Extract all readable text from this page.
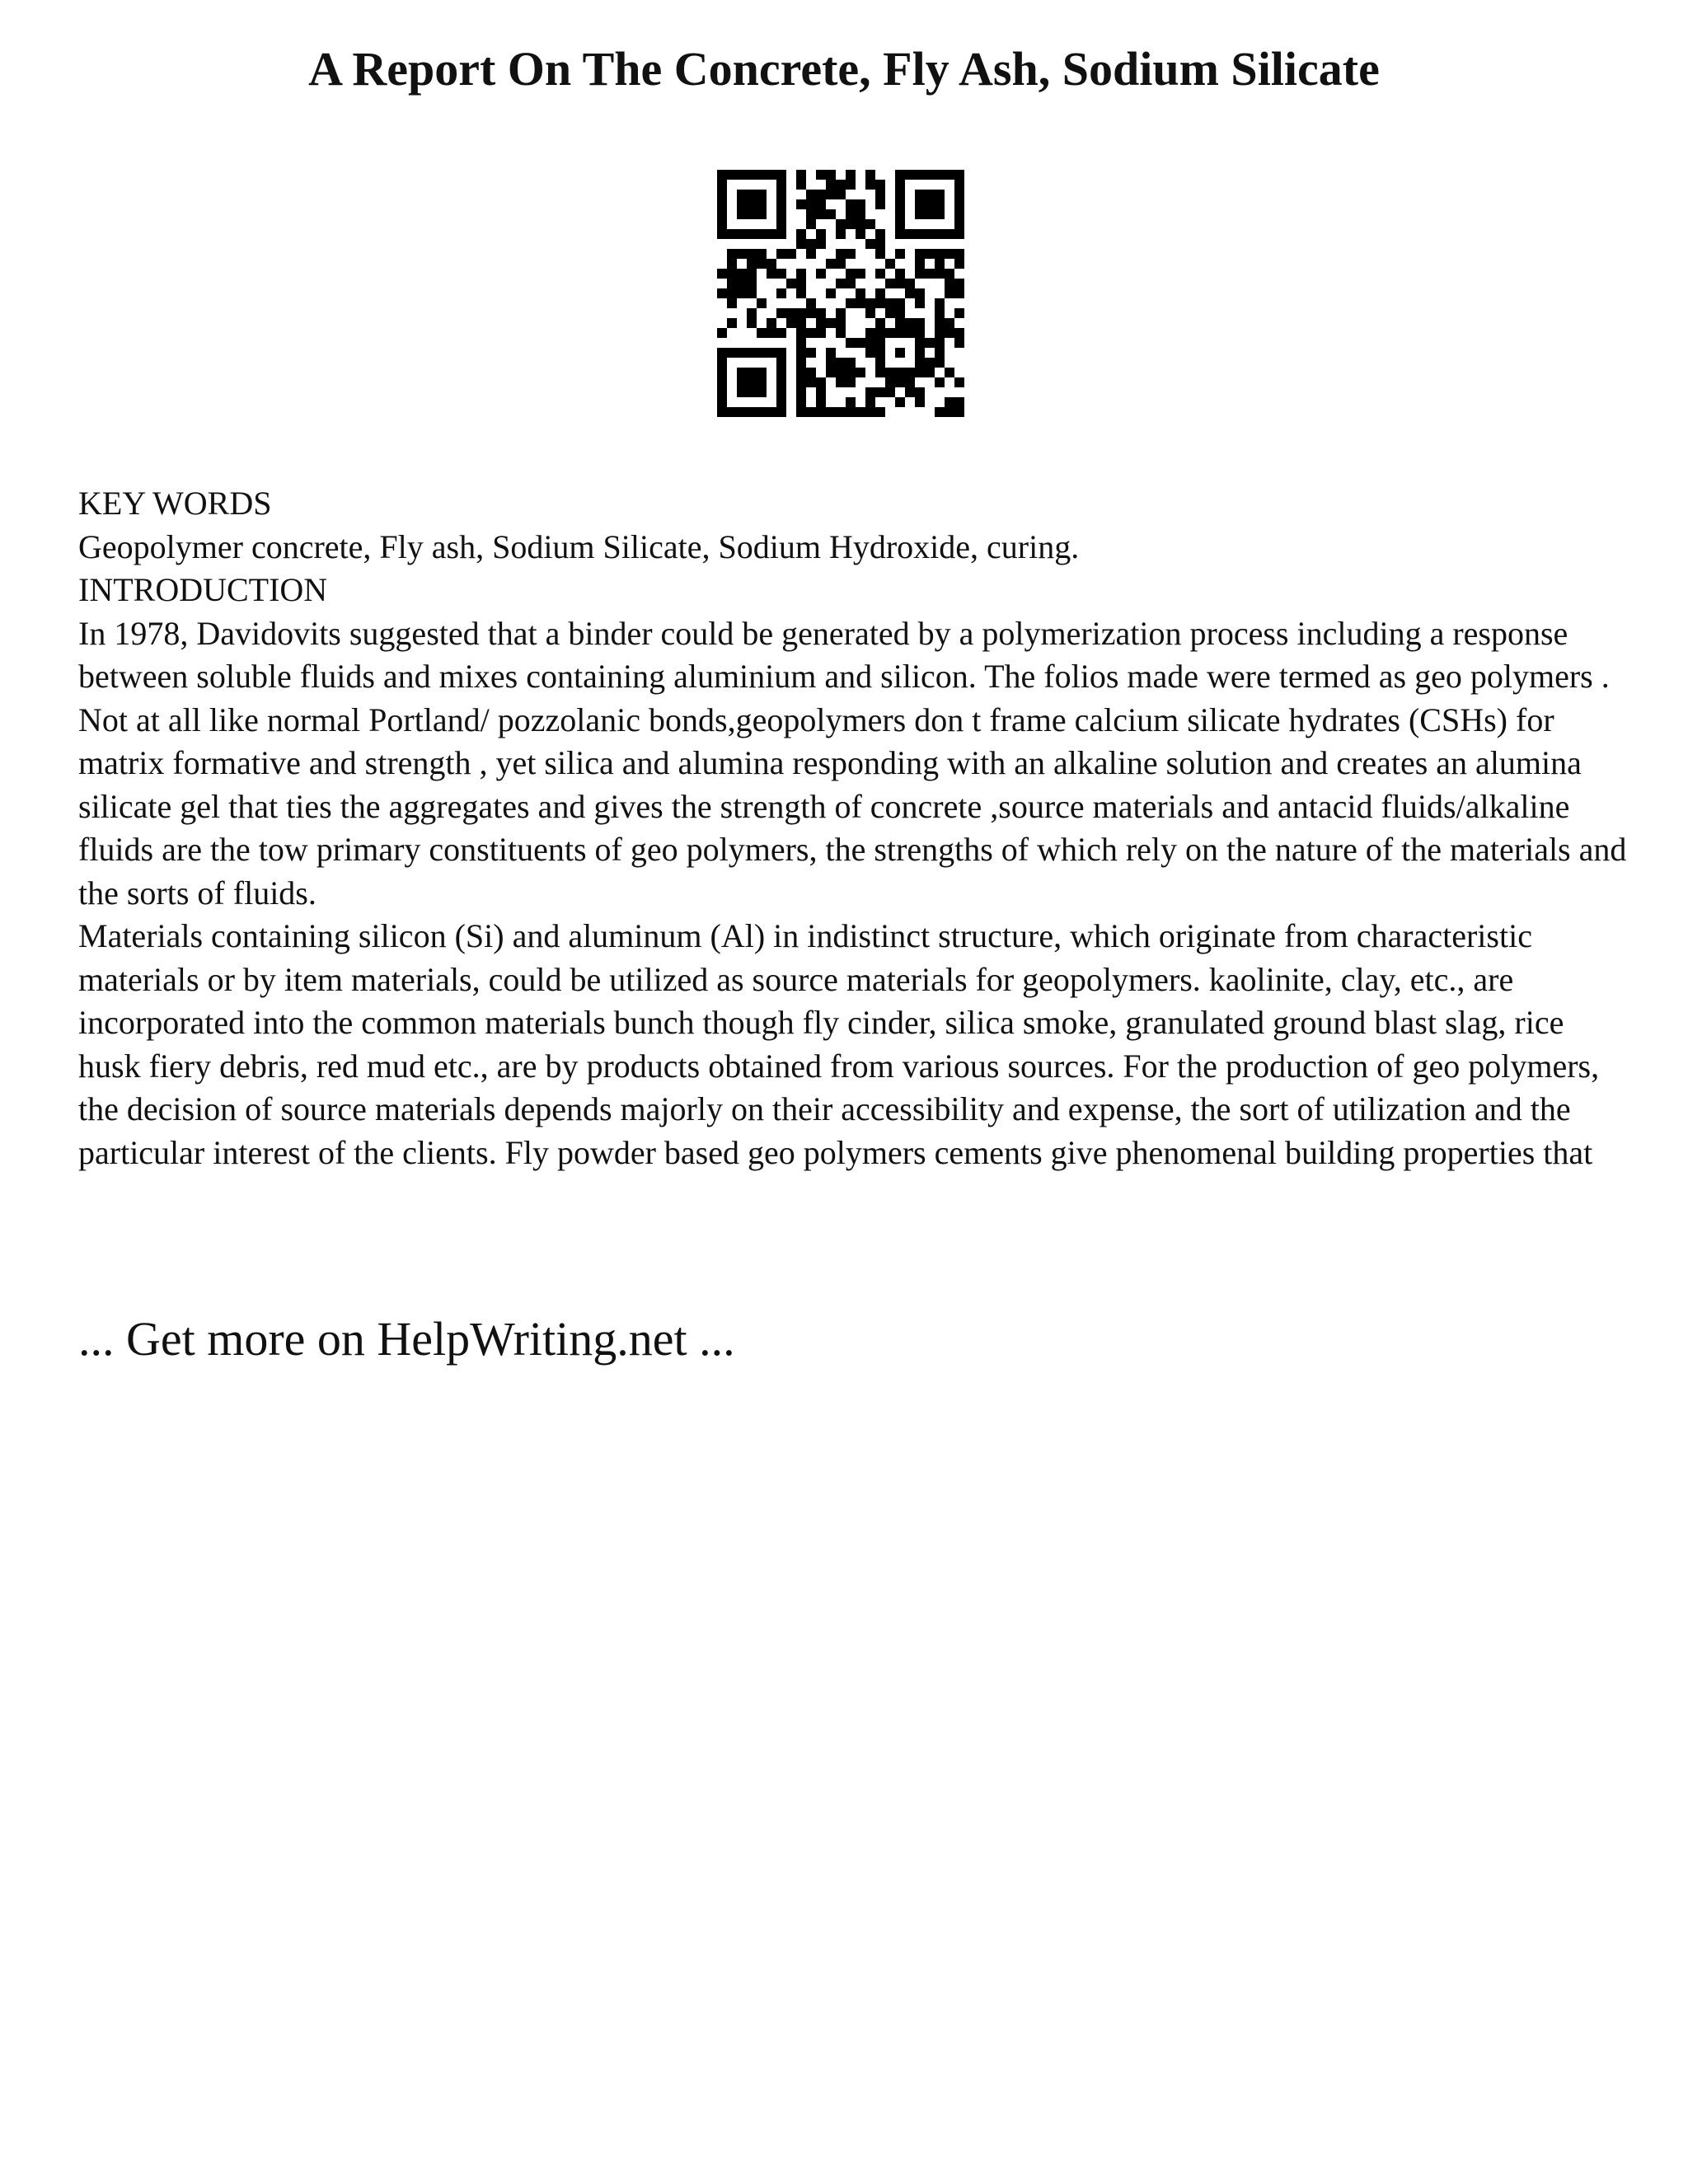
A Report On The Concrete, Fly Ash, Sodium Silicate

KEY WORDS

Geopolymer concrete, Fly ash, Sodium Silicate, Sodium Hydroxide, curing.

INTRODUCTION

In 1978, Davidovits suggested that a binder could be generated by a polymerization process including a response between soluble fluids and mixes containing aluminium and silicon. The folios made were termed as geo polymers . Not at all like normal Portland/ pozzolanic bonds,geopolymers don t frame calcium silicate hydrates (CSHs) for matrix formative and strength , yet silica and alumina responding with an alkaline solution and creates an alumina silicate gel that ties the aggregates and gives the strength of concrete ,source materials and antacid fluids/alkaline fluids are the tow primary constituents of geo polymers, the strengths of which rely on the nature of the materials and the sorts of fluids.

Materials containing silicon (Si) and aluminum (Al) in indistinct structure, which originate from characteristic materials or by item materials, could be utilized as source materials for geopolymers. kaolinite, clay, etc., are incorporated into the common materials bunch though fly cinder, silica smoke, granulated ground blast slag, rice husk fiery debris, red mud etc., are by products obtained from various sources. For the production of geo polymers, the decision of source materials depends majorly on their accessibility and expense, the sort of utilization and the particular interest of the clients. Fly powder based geo polymers cements give phenomenal building properties that

... Get more on HelpWriting.net ...
